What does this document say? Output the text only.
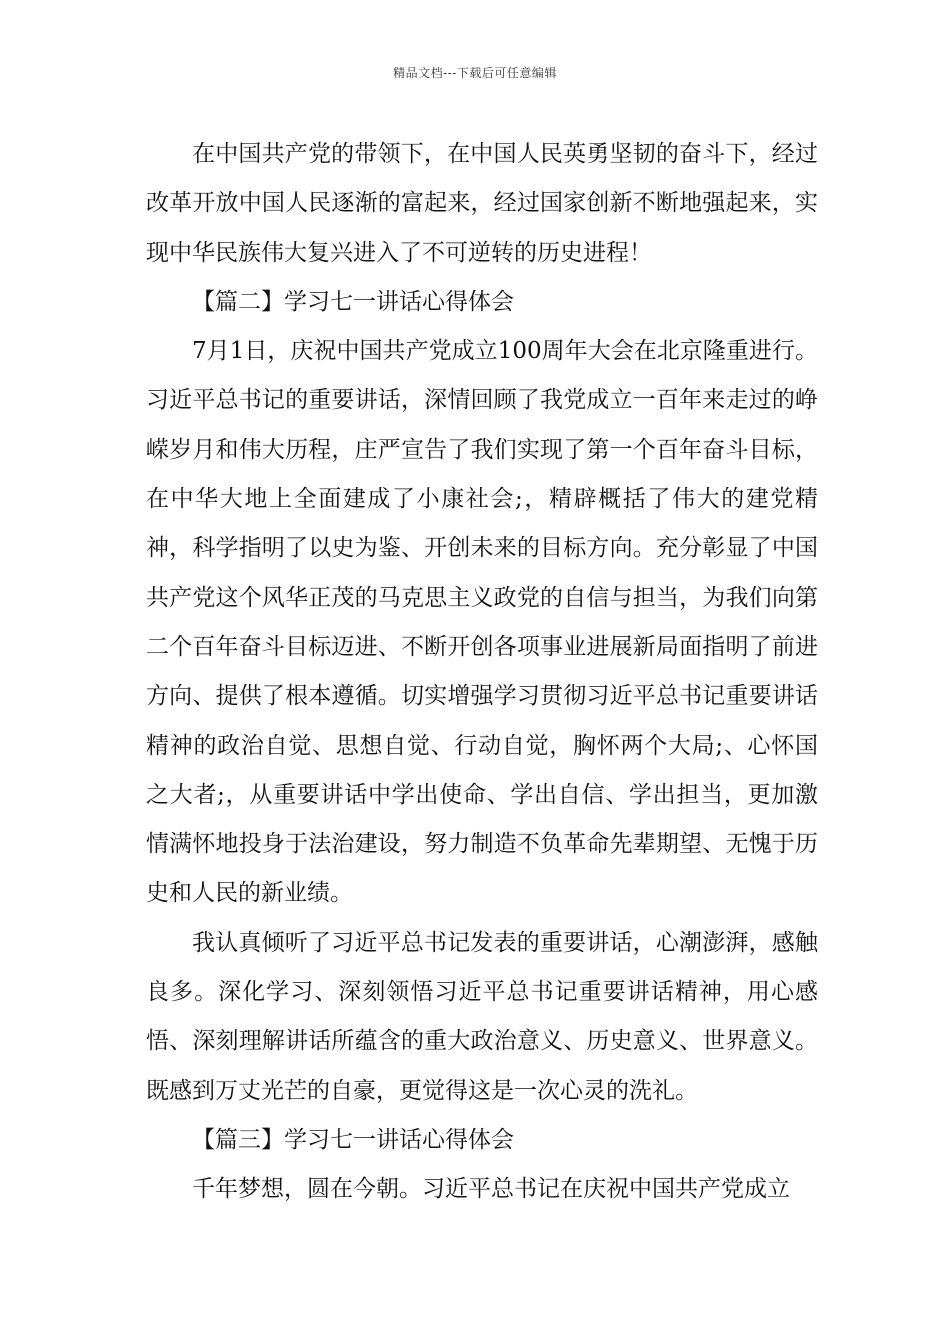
精品文档---下载后可任意编辑

在中国共产党的带领下，在中国人民英勇坚韧的奋斗下，经过改革开放中国人民逐渐的富起来，经过国家创新不断地强起来，实现中华民族伟大复兴进入了不可逆转的历史进程！

【篇二】学习七一讲话心得体会

7月1日，庆祝中国共产党成立100周年大会在北京隆重进行。习近平总书记的重要讲话，深情回顾了我党成立一百年来走过的峥嵘岁月和伟大历程，庄严宣告了我们实现了第一个百年奋斗目标，在中华大地上全面建成了小康社会;，精辟概括了伟大的建党精神，科学指明了以史为鉴、开创未来的目标方向。充分彰显了中国共产党这个风华正茂的马克思主义政党的自信与担当，为我们向第二个百年奋斗目标迈进、不断开创各项事业进展新局面指明了前进方向、提供了根本遵循。切实增强学习贯彻习近平总书记重要讲话精神的政治自觉、思想自觉、行动自觉，胸怀两个大局;、心怀国之大者;，从重要讲话中学出使命、学出自信、学出担当，更加激情满怀地投身于法治建设，努力制造不负革命先辈期望、无愧于历史和人民的新业绩。

我认真倾听了习近平总书记发表的重要讲话，心潮澎湃，感触良多。深化学习、深刻领悟习近平总书记重要讲话精神，用心感悟、深刻理解讲话所蕴含的重大政治意义、历史意义、世界意义。既感到万丈光芒的自豪，更觉得这是一次心灵的洗礼。

【篇三】学习七一讲话心得体会

千年梦想，圆在今朝。习近平总书记在庆祝中国共产党成立
